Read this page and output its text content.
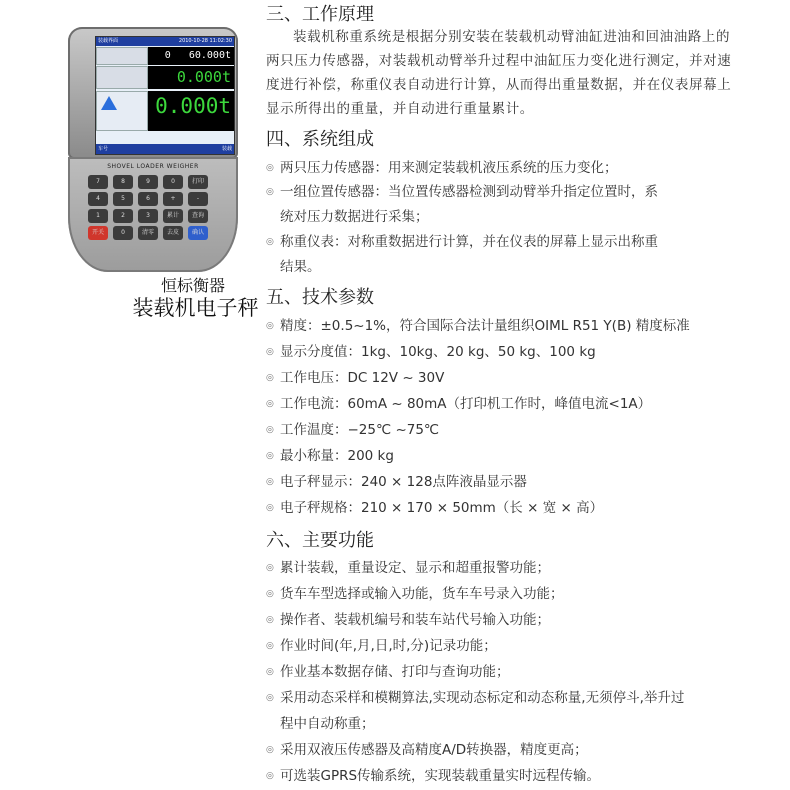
装载界面	2010-10-28 11:02:30
0 60.000t
0.000t
0.000t
车号	装载
SHOVEL LOADER WEIGHER
7	8	9	0	打印
4	5	6	+	-
1	2	3	累计	查询
开关	0	清零	去皮	确认
恒标衡器
装载机电子秤
三、工作原理

装载机称重系统是根据分别安装在装载机动臂油缸进油和回油油路上的两只压力传感器，对装载机动臂举升过程中油缸压力变化进行测定，并对速度进行补偿，称重仪表自动进行计算，从而得出重量数据，并在仪表屏幕上显示所得出的重量，并自动进行重量累计。

四、系统组成
◎ 两只压力传感器：用来测定装载机液压系统的压力变化；
◎ 一组位置传感器：当位置传感器检测到动臂举升指定位置时，系
统对压力数据进行采集；
◎ 称重仪表：对称重数据进行计算，并在仪表的屏幕上显示出称重
结果。
五、技术参数
◎ 精度：±0.5~1%，符合国际合法计量组织OIML R51 Y(B) 精度标准
◎ 显示分度值：1kg、10kg、20 kg、50 kg、100 kg
◎ 工作电压：DC 12V ~ 30V
◎ 工作电流：60mA ~ 80mA（打印机工作时，峰值电流<1A）
◎ 工作温度：−25℃ ~75℃
◎ 最小称量：200 kg
◎ 电子秤显示：240 × 128点阵液晶显示器
◎ 电子秤规格：210 × 170 × 50mm（长 × 宽 × 高）
六、主要功能
◎ 累计装载，重量设定、显示和超重报警功能；
◎ 货车车型选择或输入功能，货车车号录入功能；
◎ 操作者、装载机编号和装车站代号输入功能；
◎ 作业时间(年,月,日,时,分)记录功能；
◎ 作业基本数据存储、打印与查询功能；
◎ 采用动态采样和模糊算法,实现动态标定和动态称量,无须停斗,举升过
程中自动称重；
◎ 采用双液压传感器及高精度A/D转换器，精度更高；
◎ 可选装GPRS传输系统，实现装载重量实时远程传输。
